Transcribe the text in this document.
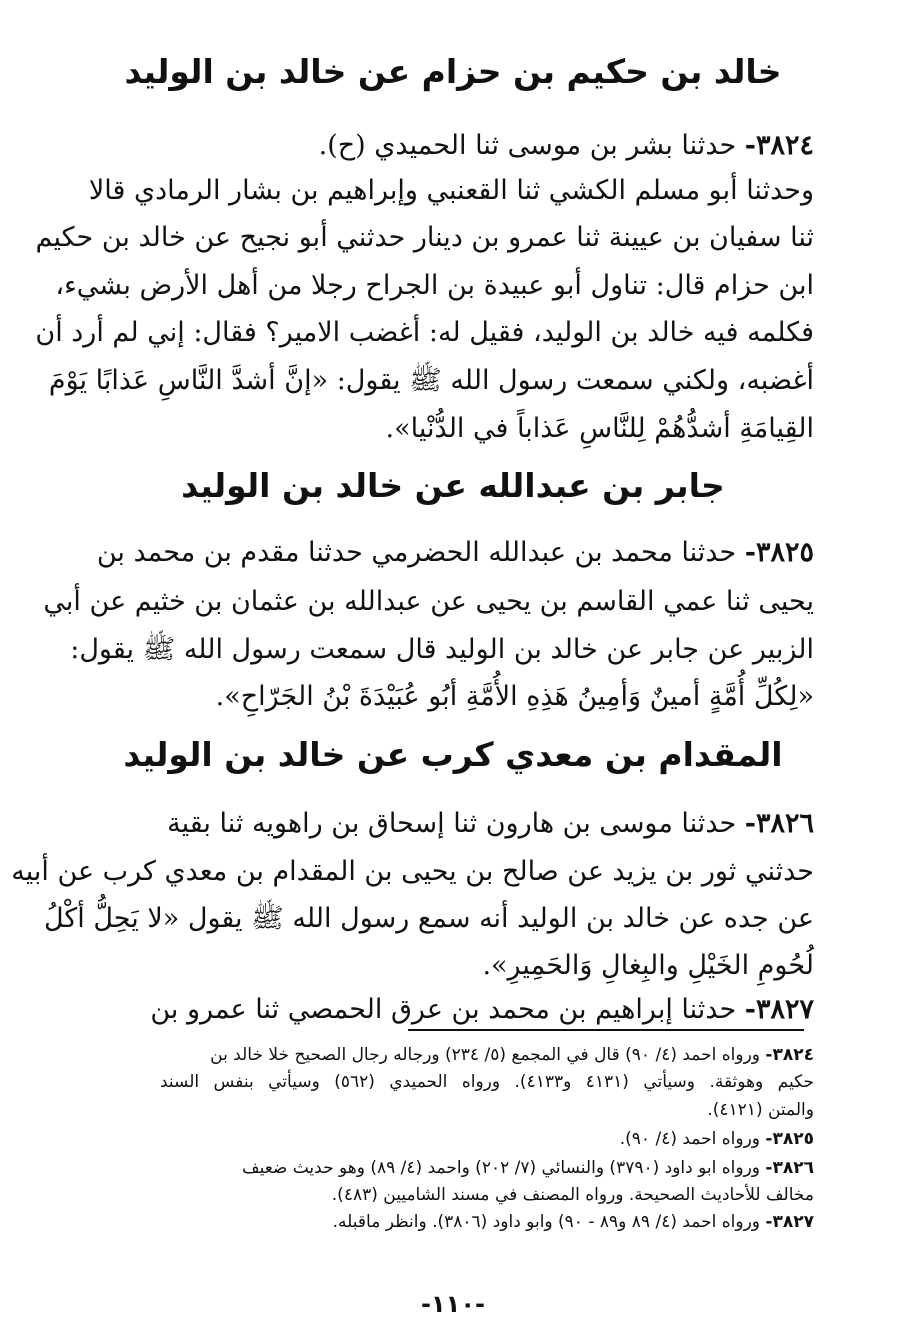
خالد بن حكيم بن حزام عن خالد بن الوليد
٣٨٢٤- حدثنا بشر بن موسى ثنا الحميدي (ح).
وحدثنا أبو مسلم الكشي ثنا القعنبي وإبراهيم بن بشار الرمادي قالا
ثنا سفيان بن عيينة ثنا عمرو بن دينار حدثني أبو نجيح عن خالد بن حكيم
ابن حزام قال: تناول أبو عبيدة بن الجراح رجلا من أهل الأرض بشيء،
فكلمه فيه خالد بن الوليد، فقيل له: أغضب الامير؟ فقال: إني لم أرد أن
أغضبه، ولكني سمعت رسول الله ﷺ يقول: «إنَّ أشدَّ النَّاسِ عَذابًا يَوْمَ
القِيامَةِ أشدُّهُمْ لِلنَّاسِ عَذاباً في الدُّنْيا».
جابر بن عبدالله عن خالد بن الوليد
٣٨٢٥- حدثنا محمد بن عبدالله الحضرمي حدثنا مقدم بن محمد بن
يحيى ثنا عمي القاسم بن يحيى عن عبدالله بن عثمان بن خثيم عن أبي
الزبير عن جابر عن خالد بن الوليد قال سمعت رسول الله ﷺ يقول:
«لِكُلِّ أُمَّةٍ أمينٌ وَأمِينُ هَذِهِ الأُمَّةِ أبُو عُبَيْدَةَ بْنُ الجَرّاحِ».
المقدام بن معدي كرب عن خالد بن الوليد
٣٨٢٦- حدثنا موسى بن هارون ثنا إسحاق بن راهويه ثنا بقية
حدثني ثور بن يزيد عن صالح بن يحيى بن المقدام بن معدي كرب عن أبيه
عن جده عن خالد بن الوليد أنه سمع رسول الله ﷺ يقول «لا يَحِلُّ أكْلُ
لُحُومِ الخَيْلِ والبِغالِ وَالحَمِيرِ».
٣٨٢٧- حدثنا إبراهيم بن محمد بن عرق الحمصي ثنا عمرو بن
٣٨٢٤- ورواه احمد (٤/ ٩٠) قال في المجمع (٥/ ٢٣٤) ورجاله رجال الصحيح خلا خالد بن
حكيم وهوثقة. وسيأتي (٤١٣١ و٤١٣٣). ورواه الحميدي (٥٦٢) وسيأتي بنفس السند
والمتن (٤١٢١).
٣٨٢٥- ورواه احمد (٤/ ٩٠).
٣٨٢٦- ورواه ابو داود (٣٧٩٠) والنسائي (٧/ ٢٠٢) واحمد (٤/ ٨٩) وهو حديث ضعيف
مخالف للأحاديث الصحيحة. ورواه المصنف في مسند الشاميين (٤٨٣).
٣٨٢٧- ورواه احمد (٤/ ٨٩ و٨٩ - ٩٠) وابو داود (٣٨٠٦). وانظر ماقبله.
-١١٠-
